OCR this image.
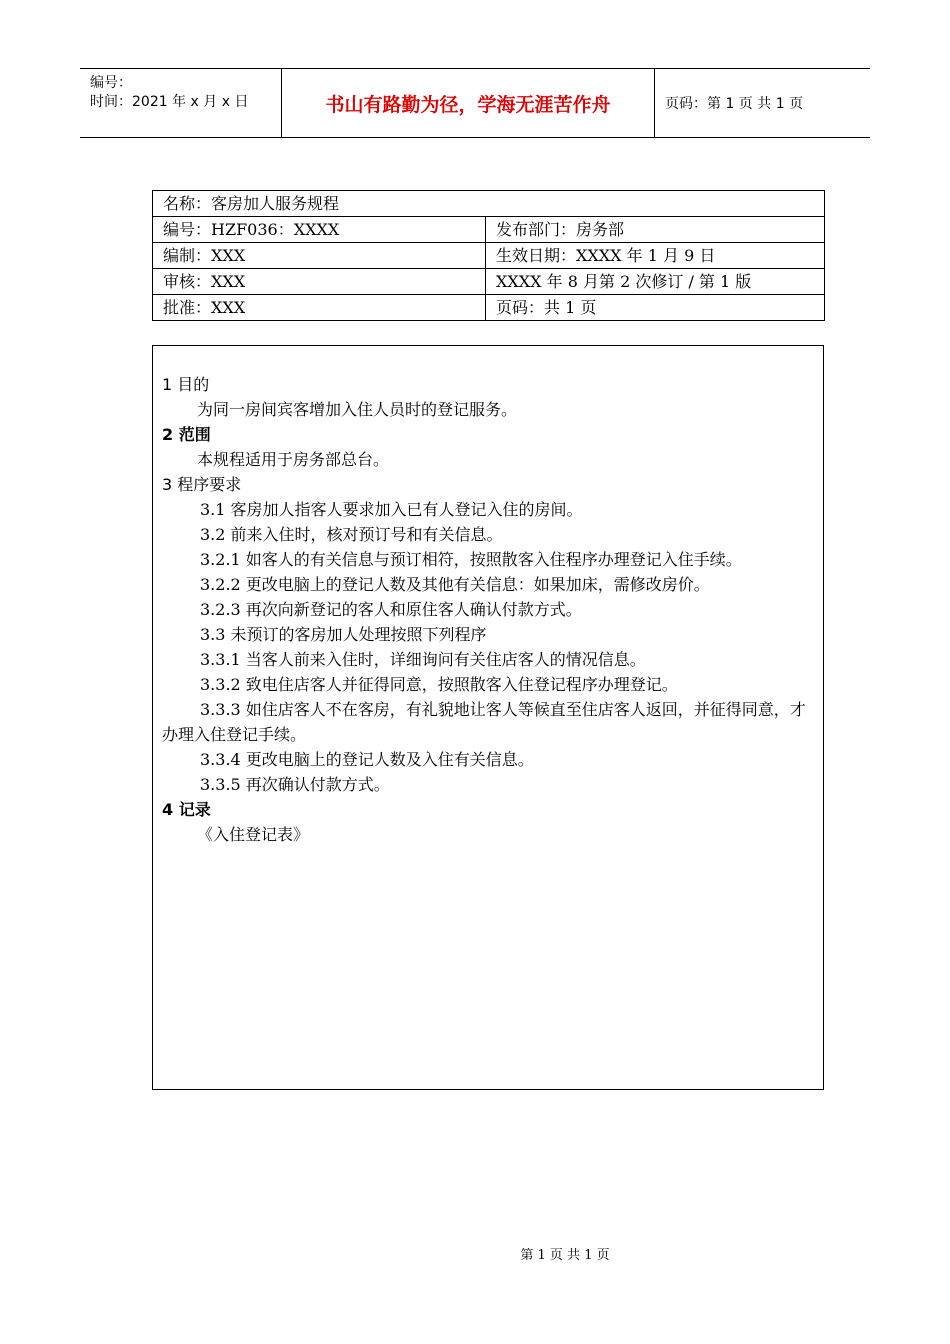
编号：
时间：2021 年 x 月 x 日	书山有路勤为径，学海无涯苦作舟	页码：第 1 页 共 1 页
名称：客房加人服务规程	
编号：HZF036：XXXX	发布部门：房务部
编制：XXX	生效日期：XXXX 年 1 月 9 日
审核：XXX	XXXX 年 8 月第 2 次修订 / 第 1 版
批准：XXX	页码：共 1 页
1 目的
为同一房间宾客增加入住人员时的登记服务。
2 范围
本规程适用于房务部总台。
3 程序要求
3.1 客房加人指客人要求加入已有人登记入住的房间。
3.2 前来入住时，核对预订号和有关信息。
3.2.1 如客人的有关信息与预订相符，按照散客入住程序办理登记入住手续。
3.2.2 更改电脑上的登记人数及其他有关信息：如果加床，需修改房价。
3.2.3 再次向新登记的客人和原住客人确认付款方式。
3.3 未预订的客房加人处理按照下列程序
3.3.1 当客人前来入住时，详细询问有关住店客人的情况信息。
3.3.2 致电住店客人并征得同意，按照散客入住登记程序办理登记。
3.3.3 如住店客人不在客房，有礼貌地让客人等候直至住店客人返回，并征得同意，才办理入住登记手续。
3.3.4 更改电脑上的登记人数及入住有关信息。
3.3.5 再次确认付款方式。
4 记录
《入住登记表》
第 1 页 共 1 页
